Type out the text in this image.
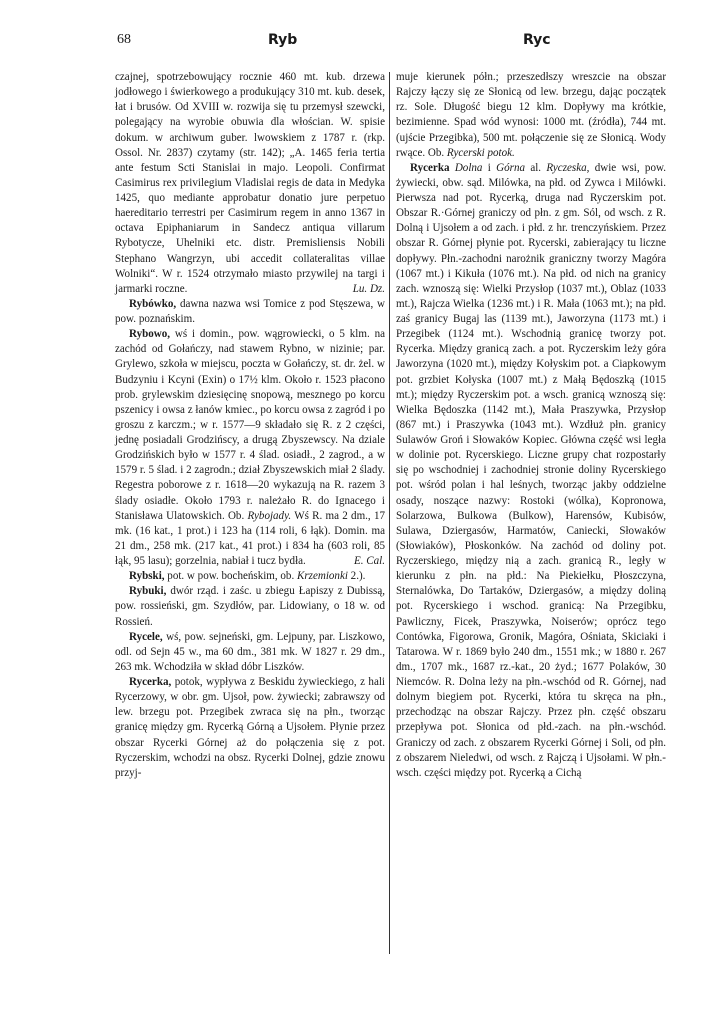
68	Ryb	Ryc

czajnej, spotrzebowujący rocznie 460 mt. kub. drzewa jodłowego i świerkowego a produkujący 310 mt. kub. desek, łat i brusów. Od XVIII w. rozwija się tu przemysł szewcki, polegający na wyrobie obuwia dla włościan. W. spisie dokum. w archiwum guber. lwowskiem z 1787 r. (rkp. Ossol. Nr. 2837) czytamy (str. 142); „A. 1465 feria tertia ante festum Scti Stanislai in majo. Leopoli. Confirmat Casimirus rex privilegium Vladislai regis de data in Medyka 1425, quo mediante approbatur donatio jure perpetuo haereditario terrestri per Casimirum regem in anno 1367 in octava Epiphaniarum in Sandecz antiqua villarum Rybotycze, Uhelniki etc. distr. Premisliensis Nobili Stephano Wangrzyn, ubi accedit collateralitas villae Wolniki“. W r. 1524 otrzymało miasto przywilej na targi i jarmarki roczne.	Lu. Dz.

Rybówko, dawna nazwa wsi Tomice z pod Stęszewa, w pow. poznańskim.

Rybowo, wś i domin., pow. wągrowiecki, o 5 klm. na zachód od Gołańczy, nad stawem Rybno, w nizinie; par. Grylewo, szkoła w miejscu, poczta w Gołańczy, st. dr. żel. w Budzyniu i Kcyni (Exin) o 17½ klm. Około r. 1523 płacono prob. grylewskim dziesięcinę snopową, mesznego po korcu pszenicy i owsa z łanów kmiec., po korcu owsa z zagród i po groszu z karczm.; w r. 1577—9 składało się R. z 2 części, jednę posiadali Grodzińscy, a drugą Zbyszewscy. Na dziale Grodzińskich było w 1577 r. 4 ślad. osiadł., 2 zagrod., a w 1579 r. 5 ślad. i 2 zagrodn.; dział Zbyszewskich miał 2 ślady. Regestra poborowe z r. 1618—20 wykazują na R. razem 3 ślady osiadłe. Około 1793 r. należało R. do Ignacego i Stanisława Ulatowskich. Ob. Rybojady. Wś R. ma 2 dm., 17 mk. (16 kat., 1 prot.) i 123 ha (114 roli, 6 łąk). Domin. ma 21 dm., 258 mk. (217 kat., 41 prot.) i 834 ha (603 roli, 85 łąk, 95 lasu); gorzelnia, nabiał i tucz bydła.	E. Cal.

Rybski, pot. w pow. bocheńskim, ob. Krzemionki 2.).

Rybuki, dwór rząd. i zaśc. u zbiegu Łapiszy z Dubissą, pow. rossieński, gm. Szydłów, par. Lidowiany, o 18 w. od Rossień.

Rycele, wś, pow. sejneński, gm. Lejpuny, par. Liszkowo, odl. od Sejn 45 w., ma 60 dm., 381 mk. W 1827 r. 29 dm., 263 mk. Wchodziła w skład dóbr Liszków.

Rycerka, potok, wypływa z Beskidu żywieckiego, z hali Rycerzowy, w obr. gm. Ujsoł, pow. żywiecki; zabrawszy od lew. brzegu pot. Przegibek zwraca się na płn., tworząc granicę między gm. Rycerką Górną a Ujsołem. Płynie przez obszar Rycerki Górnej aż do połączenia się z pot. Ryczerskim, wchodzi na obsz. Rycerki Dolnej, gdzie znowu przyj-

muje kierunek półn.; przeszedłszy wreszcie na obszar Rajczy łączy się ze Słonicą od lew. brzegu, dając początek rz. Sole. Długość biegu 12 klm. Dopływy ma krótkie, bezimienne. Spad wód wynosi: 1000 mt. (źródła), 744 mt. (ujście Przegibka), 500 mt. połączenie się ze Słonicą. Wody rwące. Ob. Rycerski potok.

Rycerka Dolna i Górna al. Ryczeska, dwie wsi, pow. żywiecki, obw. sąd. Milówka, na płd. od Zywca i Milówki. Pierwsza nad pot. Rycerką, druga nad Ryczerskim pot. Obszar R.·Górnej graniczy od płn. z gm. Sól, od wsch. z R. Dolną i Ujsołem a od zach. i płd. z hr. trenczyńskiem. Przez obszar R. Górnej płynie pot. Rycerski, zabierający tu liczne dopływy. Płn.-zachodni narożnik graniczny tworzy Magóra (1067 mt.) i Kikuła (1076 mt.). Na płd. od nich na granicy zach. wznoszą się: Wielki Przysłop (1037 mt.), Oblaz (1033 mt.), Rajcza Wielka (1236 mt.) i R. Mała (1063 mt.); na płd. zaś granicy Bugaj las (1139 mt.), Jaworzyna (1173 mt.) i Przegibek (1124 mt.). Wschodnią granicę tworzy pot. Rycerka. Między granicą zach. a pot. Ryczerskim leży góra Jaworzyna (1020 mt.), między Kołyskim pot. a Ciapkowym pot. grzbiet Kołyska (1007 mt.) z Małą Będoszką (1015 mt.); między Ryczerskim pot. a wsch. granicą wznoszą się: Wielka Będoszka (1142 mt.), Mała Praszywka, Przysłop (867 mt.) i Praszywka (1043 mt.). Wzdłuż płn. granicy Sulawów Groń i Słowaków Kopiec. Główna część wsi legła w dolinie pot. Rycerskiego. Liczne grupy chat rozpostarły się po wschodniej i zachodniej stronie doliny Rycerskiego pot. wśród polan i hal leśnych, tworząc jakby oddzielne osady, noszące nazwy: Rostoki (wólka), Kopronowa, Solarzowa, Bulkowa (Bulkow), Harensów, Kubisów, Sulawa, Dziergasów, Harmatów, Caniecki, Słowaków (Słowiaków), Płoskonków. Na zachód od doliny pot. Ryczerskiego, między nią a zach. granicą R., legły w kierunku z płn. na płd.: Na Piekiełku, Płoszczyna, Sternalówka, Do Tartaków, Dziergasów, a między doliną pot. Rycerskiego i wschod. granicą: Na Przegibku, Pawliczny, Ficek, Praszywka, Noiserów; oprócz tego Contówka, Figorowa, Gronik, Magóra, Ośniata, Skiciaki i Tatarowa. W r. 1869 było 240 dm., 1551 mk.; w 1880 r. 267 dm., 1707 mk., 1687 rz.-kat., 20 żyd.; 1677 Polaków, 30 Niemców. R. Dolna leży na płn.-wschód od R. Górnej, nad dolnym biegiem pot. Rycerki, która tu skręca na płn., przechodząc na obszar Rajczy. Przez płn. część obszaru przepływa pot. Słonica od płd.-zach. na płn.-wschód. Graniczy od zach. z obszarem Rycerki Górnej i Soli, od płn. z obszarem Nieledwi, od wsch. z Rajczą i Ujsołami. W płn.-wsch. części między pot. Rycerką a Cichą
